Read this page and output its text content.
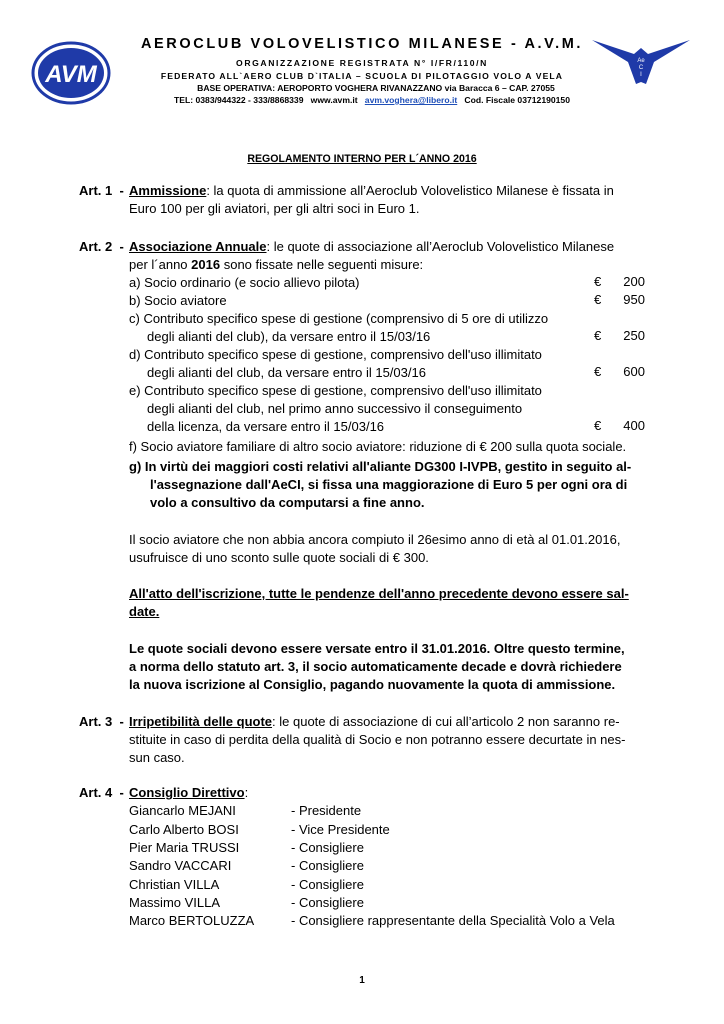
AVM	Ae
C
I
AEROCLUB VOLOVELISTICO MILANESE - A.V.M.
ORGANIZZAZIONE REGISTRATA N° I/FR/110/N
FEDERATO ALL`AERO CLUB D`ITALIA – SCUOLA DI PILOTAGGIO VOLO A VELA
BASE OPERATIVA: AEROPORTO VOGHERA RIVANAZZANO via Baracca 6 – CAP. 27055
TEL: 0383/944322 - 333/8868339 www.avm.it avm.voghera@libero.it Cod. Fiscale 03712190150
REGOLAMENTO INTERNO PER L´ANNO 2016
Art. 1 - Ammissione: la quota di ammissione all’Aeroclub Volovelistico Milanese è fissata in
Euro 100 per gli aviatori, per gli altri soci in Euro 1.
Art. 2 - Associazione Annuale: le quote di associazione all’Aeroclub Volovelistico Milanese
per l´anno 2016 sono fissate nelle seguenti misure:
a) Socio ordinario (e socio allievo pilota)	€	200
b) Socio aviatore	€	950
c) Contributo specifico spese di gestione (comprensivo di 5 ore di utilizzo
degli alianti del club), da versare entro il 15/03/16	€	250
d) Contributo specifico spese di gestione, comprensivo dell'uso illimitato
degli alianti del club, da versare entro il 15/03/16	€	600
e) Contributo specifico spese di gestione, comprensivo dell'uso illimitato
degli alianti del club, nel primo anno successivo il conseguimento
della licenza, da versare entro il 15/03/16	€	400
f) Socio aviatore familiare di altro socio aviatore: riduzione di € 200 sulla quota sociale.
g) In virtù dei maggiori costi relativi all'aliante DG300 I-IVPB, gestito in seguito al-
l'assegnazione dall'AeCI, si fissa una maggiorazione di Euro 5 per ogni ora di
volo a consultivo da computarsi a fine anno.
Il socio aviatore che non abbia ancora compiuto il 26esimo anno di età al 01.01.2016,
usufruisce di uno sconto sulle quote sociali di € 300.
All'atto dell'iscrizione, tutte le pendenze dell'anno precedente devono essere sal-
date.
Le quote sociali devono essere versate entro il 31.01.2016. Oltre questo termine,
a norma dello statuto art. 3, il socio automaticamente decade e dovrà richiedere
la nuova iscrizione al Consiglio, pagando nuovamente la quota di ammissione.
Art. 3 - Irripetibilità delle quote: le quote di associazione di cui all’articolo 2 non saranno re-
stituite in caso di perdita della qualità di Socio e non potranno essere decurtate in nes-
sun caso.
Art. 4 - Consiglio Direttivo:
Giancarlo MEJANI	- Presidente
Carlo Alberto BOSI	- Vice Presidente
Pier Maria TRUSSI	- Consigliere
Sandro VACCARI	- Consigliere
Christian VILLA	- Consigliere
Massimo VILLA	- Consigliere
Marco BERTOLUZZA	- Consigliere rappresentante della Specialità Volo a Vela
1
